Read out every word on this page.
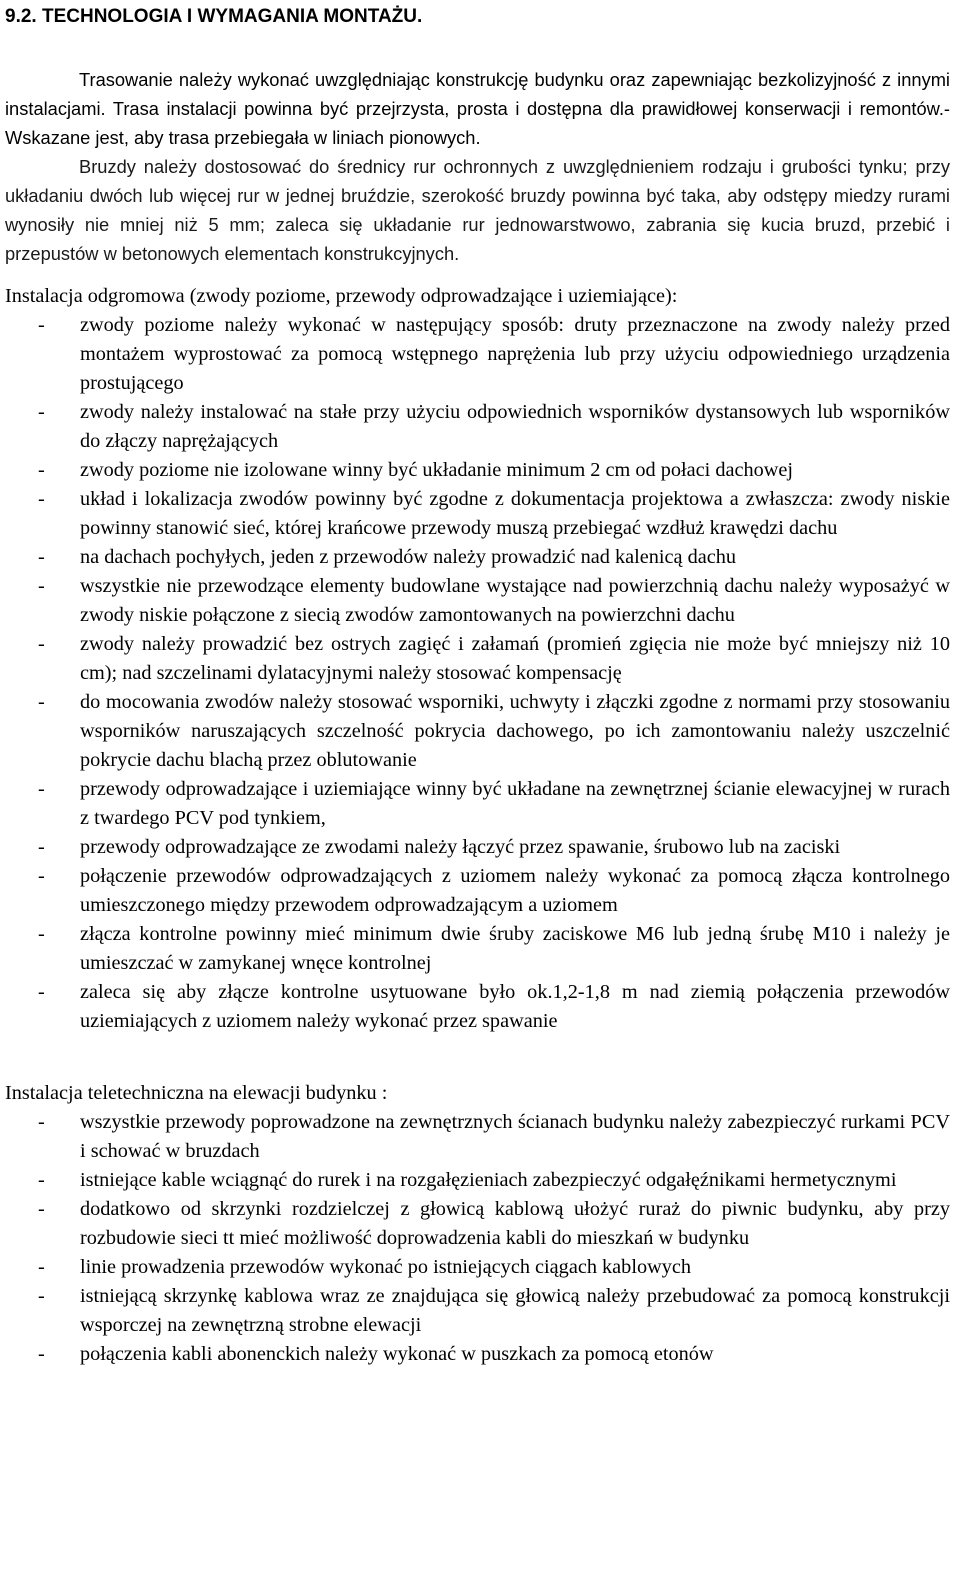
9.2. TECHNOLOGIA I WYMAGANIA MONTAŻU.

Trasowanie należy wykonać uwzględniając konstrukcję budynku oraz zapewniając bezkolizyjność z innymi instalacjami. Trasa instalacji powinna być przejrzysta, prosta i dostępna dla prawidłowej konserwacji i remontów.- Wskazane jest, aby trasa przebiegała w liniach pionowych.

Bruzdy należy dostosować do średnicy rur ochronnych z uwzględnieniem rodzaju i grubości tynku; przy układaniu dwóch lub więcej rur w jednej bruździe, szerokość bruzdy powinna być taka, aby odstępy miedzy rurami wynosiły nie mniej niż 5 mm; zaleca się układanie rur jednowarstwowo, zabrania się kucia bruzd, przebić i przepustów w betonowych elementach konstrukcyjnych.

Instalacja odgromowa (zwody poziome, przewody odprowadzające i uziemiające):

- zwody poziome należy wykonać w następujący sposób: druty przeznaczone na zwody należy przed montażem wyprostować za pomocą wstępnego naprężenia lub przy użyciu odpowiedniego urządzenia prostującego
- zwody należy instalować na stałe przy użyciu odpowiednich wsporników dystansowych lub wsporników do złączy naprężających
- zwody poziome nie izolowane winny być układanie minimum 2 cm od połaci dachowej
- układ i lokalizacja zwodów powinny być zgodne z dokumentacja projektowa a zwłaszcza: zwody niskie powinny stanowić sieć, której krańcowe przewody muszą przebiegać wzdłuż krawędzi dachu
- na dachach pochyłych, jeden z przewodów należy prowadzić nad kalenicą dachu
- wszystkie nie przewodzące elementy budowlane wystające nad powierzchnią dachu należy wyposażyć w zwody niskie połączone z siecią zwodów zamontowanych na powierzchni dachu
- zwody należy prowadzić bez ostrych zagięć i załamań (promień zgięcia nie może być mniejszy niż 10 cm); nad szczelinami dylatacyjnymi należy stosować kompensację
- do mocowania zwodów należy stosować wsporniki, uchwyty i złączki zgodne z normami przy stosowaniu wsporników naruszających szczelność pokrycia dachowego, po ich zamontowaniu należy uszczelnić pokrycie dachu blachą przez oblutowanie
- przewody odprowadzające i uziemiające winny być układane na zewnętrznej ścianie elewacyjnej w rurach z twardego PCV pod tynkiem,
- przewody odprowadzające ze zwodami należy łączyć przez spawanie, śrubowo lub na zaciski
- połączenie przewodów odprowadzających z uziomem należy wykonać za pomocą złącza kontrolnego umieszczonego między przewodem odprowadzającym a uziomem
- złącza kontrolne powinny mieć minimum dwie śruby zaciskowe M6 lub jedną śrubę M10 i należy je umieszczać w zamykanej wnęce kontrolnej
- zaleca się aby złącze kontrolne usytuowane było ok.1,2-1,8 m nad ziemią połączenia przewodów uziemiających z uziomem należy wykonać przez spawanie

Instalacja teletechniczna na elewacji budynku :

- wszystkie przewody poprowadzone na zewnętrznych ścianach budynku należy zabezpieczyć rurkami PCV i schować w bruzdach
- istniejące kable wciągnąć do rurek i na rozgałęzieniach zabezpieczyć odgałęźnikami hermetycznymi
- dodatkowo od skrzynki rozdzielczej z głowicą kablową ułożyć ruraż do piwnic budynku, aby przy rozbudowie sieci tt mieć możliwość doprowadzenia kabli do mieszkań w budynku
- linie prowadzenia przewodów wykonać po istniejących ciągach kablowych
- istniejącą skrzynkę kablowa wraz ze znajdująca się głowicą należy przebudować za pomocą konstrukcji wsporczej na zewnętrzną strobne elewacji
- połączenia kabli abonenckich należy wykonać w puszkach za pomocą etonów
